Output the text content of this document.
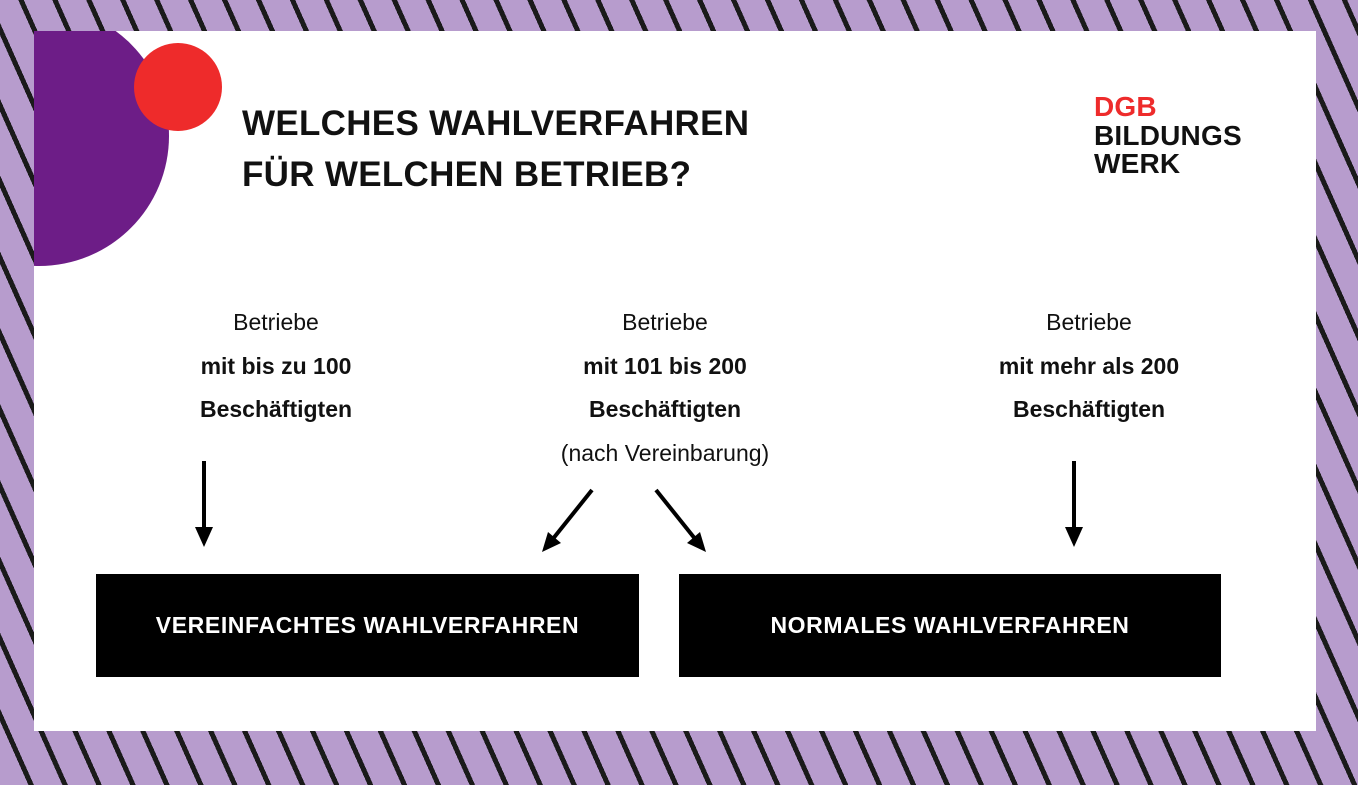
WELCHES WAHLVERFAHREN
FÜR WELCHEN BETRIEB?
DGB
BILDUNGS
WERK
Betriebe
mit bis zu 100
Beschäftigten
Betriebe
mit 101 bis 200
Beschäftigten
(nach Vereinbarung)
Betriebe
mit mehr als 200
Beschäftigten
VEREINFACHTES WAHLVERFAHREN	NORMALES WAHLVERFAHREN
